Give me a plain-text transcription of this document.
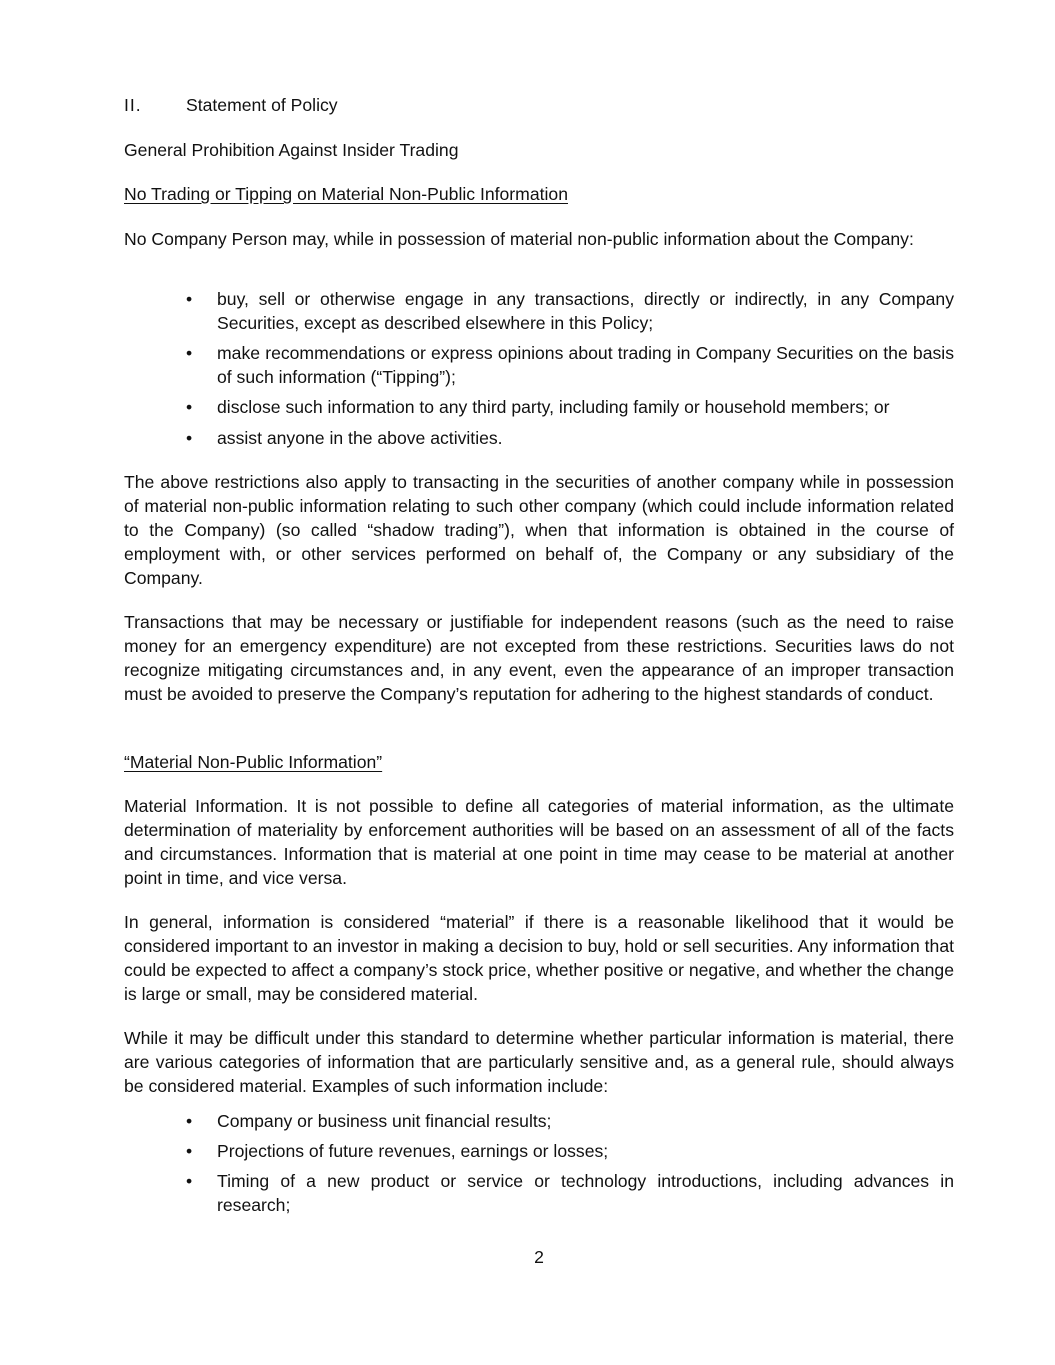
II.	Statement of Policy
General Prohibition Against Insider Trading
No Trading or Tipping on Material Non-Public Information
No Company Person may, while in possession of material non-public information about the Company:
• buy, sell or otherwise engage in any transactions, directly or indirectly, in any Company Securities, except as described elsewhere in this Policy;
• make recommendations or express opinions about trading in Company Securities on the basis of such information (“Tipping”);
• disclose such information to any third party, including family or household members; or
• assist anyone in the above activities.
The above restrictions also apply to transacting in the securities of another company while in possession of material non-public information relating to such other company (which could include information related to the Company) (so called “shadow trading”), when that information is obtained in the course of employment with, or other services performed on behalf of, the Company or any subsidiary of the Company.
Transactions that may be necessary or justifiable for independent reasons (such as the need to raise money for an emergency expenditure) are not excepted from these restrictions. Securities laws do not recognize mitigating circumstances and, in any event, even the appearance of an improper transaction must be avoided to preserve the Company’s reputation for adhering to the highest standards of conduct.
“Material Non-Public Information”
Material Information. It is not possible to define all categories of material information, as the ultimate determination of materiality by enforcement authorities will be based on an assessment of all of the facts and circumstances. Information that is material at one point in time may cease to be material at another point in time, and vice versa.
In general, information is considered “material” if there is a reasonable likelihood that it would be considered important to an investor in making a decision to buy, hold or sell securities. Any information that could be expected to affect a company’s stock price, whether positive or negative, and whether the change is large or small, may be considered material.
While it may be difficult under this standard to determine whether particular information is material, there are various categories of information that are particularly sensitive and, as a general rule, should always be considered material. Examples of such information include:
• Company or business unit financial results;
• Projections of future revenues, earnings or losses;
• Timing of a new product or service or technology introductions, including advances in research;
2
